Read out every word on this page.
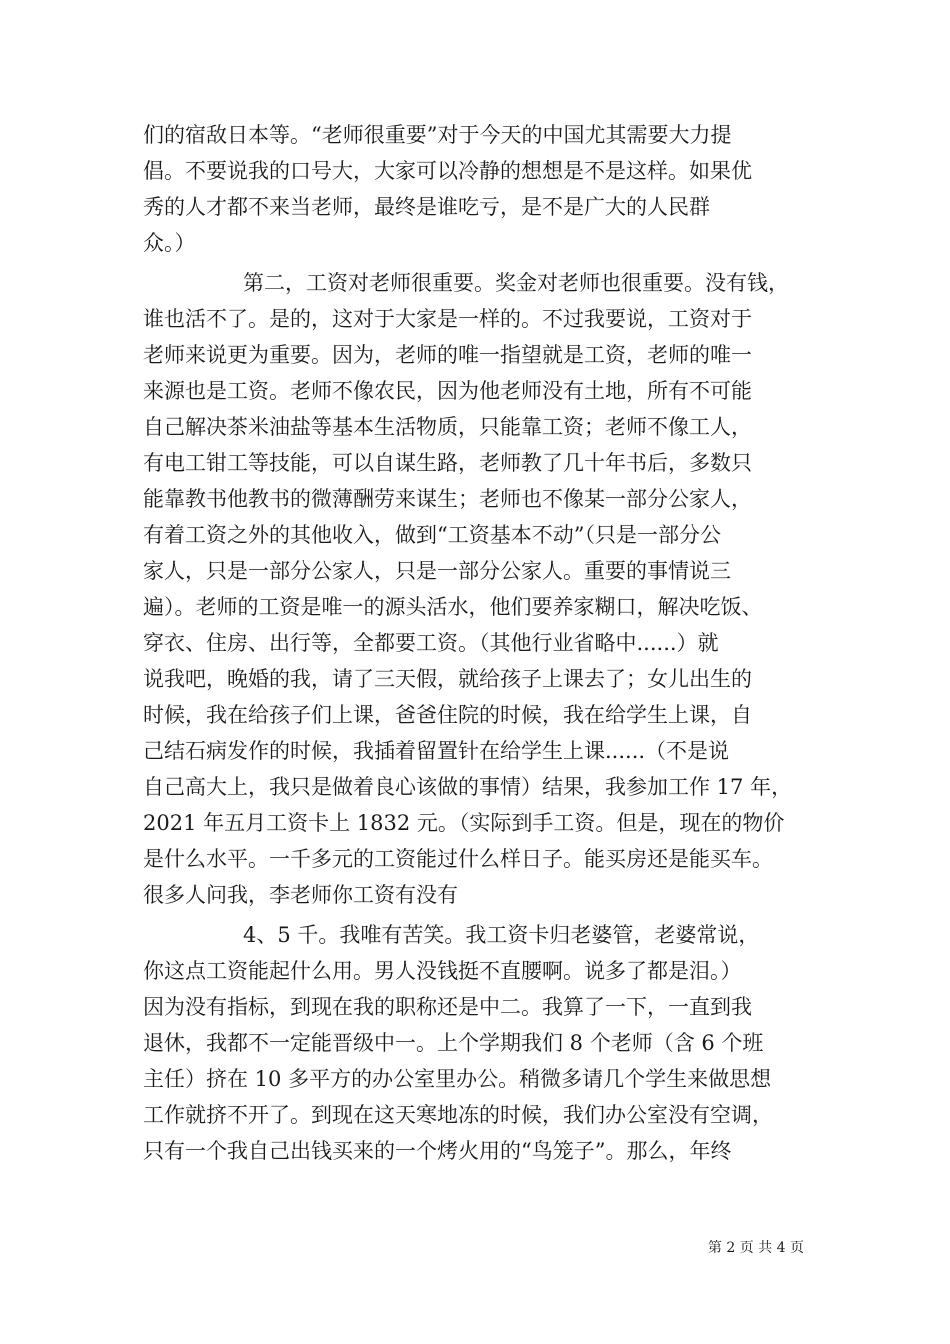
们的宿敌日本等。“老师很重要”对于今天的中国尤其需要大力提

倡。不要说我的口号大，大家可以冷静的想想是不是这样。如果优

秀的人才都不来当老师，最终是谁吃亏，是不是广大的人民群

众。）

第二，工资对老师很重要。奖金对老师也很重要。没有钱，

谁也活不了。是的，这对于大家是一样的。不过我要说，工资对于

老师来说更为重要。因为，老师的唯一指望就是工资，老师的唯一

来源也是工资。老师不像农民，因为他老师没有土地，所有不可能

自己解决茶米油盐等基本生活物质，只能靠工资；老师不像工人，

有电工钳工等技能，可以自谋生路，老师教了几十年书后，多数只

能靠教书他教书的微薄酬劳来谋生；老师也不像某一部分公家人，

有着工资之外的其他收入，做到“工资基本不动”（只是一部分公

家人，只是一部分公家人，只是一部分公家人。重要的事情说三

遍）。老师的工资是唯一的源头活水，他们要养家糊口，解决吃饭、

穿衣、住房、出行等，全都要工资。（其他行业省略中......）就

说我吧，晚婚的我，请了三天假，就给孩子上课去了；女儿出生的

时候，我在给孩子们上课，爸爸住院的时候，我在给学生上课，自

己结石病发作的时候，我插着留置针在给学生上课......（不是说

自己高大上，我只是做着良心该做的事情）结果，我参加工作 17 年，

2021 年五月工资卡上 1832 元。（实际到手工资。但是，现在的物价

是什么水平。一千多元的工资能过什么样日子。能买房还是能买车。

很多人问我，李老师你工资有没有

4、5 千。我唯有苦笑。我工资卡归老婆管，老婆常说，

你这点工资能起什么用。男人没钱挺不直腰啊。说多了都是泪。）

因为没有指标，到现在我的职称还是中二。我算了一下，一直到我

退休，我都不一定能晋级中一。上个学期我们 8 个老师（含 6 个班

主任）挤在 10 多平方的办公室里办公。稍微多请几个学生来做思想

工作就挤不开了。到现在这天寒地冻的时候，我们办公室没有空调，

只有一个我自己出钱买来的一个烤火用的“鸟笼子”。那么，年终

第 2 页 共 4 页
